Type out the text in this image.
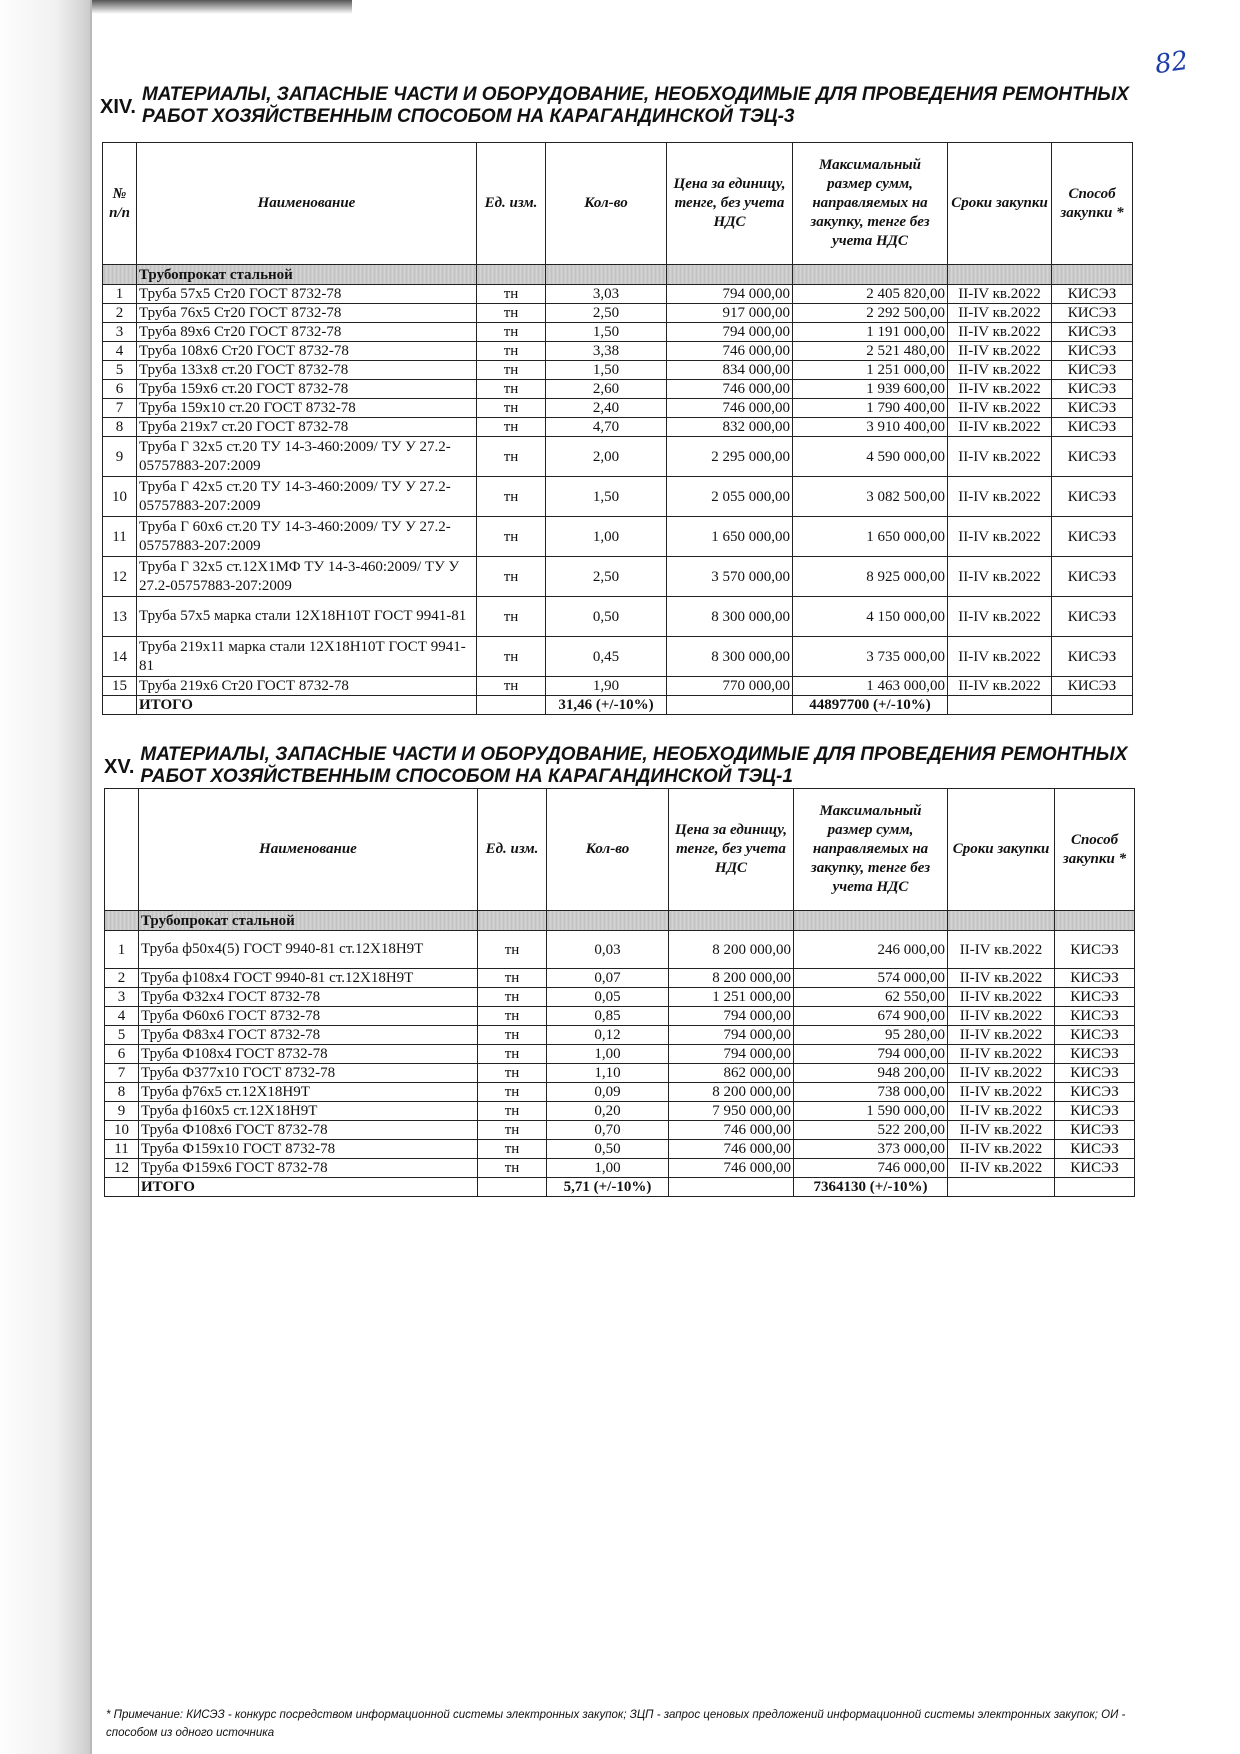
82
XIV.
МАТЕРИАЛЫ, ЗАПАСНЫЕ ЧАСТИ И ОБОРУДОВАНИЕ, НЕОБХОДИМЫЕ ДЛЯ ПРОВЕДЕНИЯ РЕМОНТНЫХ РАБОТ ХОЗЯЙСТВЕННЫМ СПОСОБОМ НА КАРАГАНДИНСКОЙ ТЭЦ-3
№ п/п	Наименование	Ед. изм.	Кол-во	Цена за единицу, тенге, без учета НДС	Максимальный размер сумм, направляемых на закупку, тенге без учета НДС	Сроки закупки	Способ закупки *
	Трубопрокат стальной						
1	Труба 57х5 Ст20 ГОСТ 8732-78	тн	3,03	794 000,00	2 405 820,00	II-IV кв.2022	КИСЭЗ
2	Труба 76х5 Ст20 ГОСТ 8732-78	тн	2,50	917 000,00	2 292 500,00	II-IV кв.2022	КИСЭЗ
3	Труба 89х6 Ст20 ГОСТ 8732-78	тн	1,50	794 000,00	1 191 000,00	II-IV кв.2022	КИСЭЗ
4	Труба 108х6 Ст20 ГОСТ 8732-78	тн	3,38	746 000,00	2 521 480,00	II-IV кв.2022	КИСЭЗ
5	Труба 133х8 ст.20 ГОСТ 8732-78	тн	1,50	834 000,00	1 251 000,00	II-IV кв.2022	КИСЭЗ
6	Труба 159х6 ст.20 ГОСТ 8732-78	тн	2,60	746 000,00	1 939 600,00	II-IV кв.2022	КИСЭЗ
7	Труба 159х10 ст.20 ГОСТ 8732-78	тн	2,40	746 000,00	1 790 400,00	II-IV кв.2022	КИСЭЗ
8	Труба 219х7 ст.20 ГОСТ 8732-78	тн	4,70	832 000,00	3 910 400,00	II-IV кв.2022	КИСЭЗ
9	Труба Г 32х5 ст.20 ТУ 14-3-460:2009/ ТУ У 27.2-05757883-207:2009	тн	2,00	2 295 000,00	4 590 000,00	II-IV кв.2022	КИСЭЗ
10	Труба Г 42х5 ст.20 ТУ 14-3-460:2009/ ТУ У 27.2-05757883-207:2009	тн	1,50	2 055 000,00	3 082 500,00	II-IV кв.2022	КИСЭЗ
11	Труба Г 60х6 ст.20 ТУ 14-3-460:2009/ ТУ У 27.2-05757883-207:2009	тн	1,00	1 650 000,00	1 650 000,00	II-IV кв.2022	КИСЭЗ
12	Труба Г 32х5 ст.12Х1МФ ТУ 14-3-460:2009/ ТУ У 27.2-05757883-207:2009	тн	2,50	3 570 000,00	8 925 000,00	II-IV кв.2022	КИСЭЗ
13	Труба 57х5 марка стали 12Х18Н10Т ГОСТ 9941-81	тн	0,50	8 300 000,00	4 150 000,00	II-IV кв.2022	КИСЭЗ
14	Труба 219х11 марка стали 12Х18Н10Т ГОСТ 9941-81	тн	0,45	8 300 000,00	3 735 000,00	II-IV кв.2022	КИСЭЗ
15	Труба 219х6 Ст20 ГОСТ 8732-78	тн	1,90	770 000,00	1 463 000,00	II-IV кв.2022	КИСЭЗ
	ИТОГО		31,46 (+/-10%)		44897700 (+/-10%)		
XV.
МАТЕРИАЛЫ, ЗАПАСНЫЕ ЧАСТИ И ОБОРУДОВАНИЕ, НЕОБХОДИМЫЕ ДЛЯ ПРОВЕДЕНИЯ РЕМОНТНЫХ РАБОТ ХОЗЯЙСТВЕННЫМ СПОСОБОМ НА КАРАГАНДИНСКОЙ ТЭЦ-1
	Наименование	Ед. изм.	Кол-во	Цена за единицу, тенге, без учета НДС	Максимальный размер сумм, направляемых на закупку, тенге без учета НДС	Сроки закупки	Способ закупки *
	Трубопрокат стальной						
1	Труба ф50х4(5) ГОСТ 9940-81 ст.12Х18Н9Т	тн	0,03	8 200 000,00	246 000,00	II-IV кв.2022	КИСЭЗ
2	Труба ф108х4 ГОСТ 9940-81 ст.12Х18Н9Т	тн	0,07	8 200 000,00	574 000,00	II-IV кв.2022	КИСЭЗ
3	Труба Ф32х4 ГОСТ 8732-78	тн	0,05	1 251 000,00	62 550,00	II-IV кв.2022	КИСЭЗ
4	Труба Ф60х6 ГОСТ 8732-78	тн	0,85	794 000,00	674 900,00	II-IV кв.2022	КИСЭЗ
5	Труба Ф83х4 ГОСТ 8732-78	тн	0,12	794 000,00	95 280,00	II-IV кв.2022	КИСЭЗ
6	Труба Ф108х4 ГОСТ 8732-78	тн	1,00	794 000,00	794 000,00	II-IV кв.2022	КИСЭЗ
7	Труба Ф377х10 ГОСТ 8732-78	тн	1,10	862 000,00	948 200,00	II-IV кв.2022	КИСЭЗ
8	Труба ф76х5 ст.12Х18Н9Т	тн	0,09	8 200 000,00	738 000,00	II-IV кв.2022	КИСЭЗ
9	Труба ф160х5 ст.12Х18Н9Т	тн	0,20	7 950 000,00	1 590 000,00	II-IV кв.2022	КИСЭЗ
10	Труба Ф108х6 ГОСТ 8732-78	тн	0,70	746 000,00	522 200,00	II-IV кв.2022	КИСЭЗ
11	Труба Ф159х10 ГОСТ 8732-78	тн	0,50	746 000,00	373 000,00	II-IV кв.2022	КИСЭЗ
12	Труба Ф159х6 ГОСТ 8732-78	тн	1,00	746 000,00	746 000,00	II-IV кв.2022	КИСЭЗ
	ИТОГО		5,71 (+/-10%)		7364130 (+/-10%)		
* Примечание: КИСЭЗ - конкурс посредством информационной системы электронных закупок; ЗЦП - запрос ценовых предложений информационной системы электронных закупок; ОИ - способом из одного источника
